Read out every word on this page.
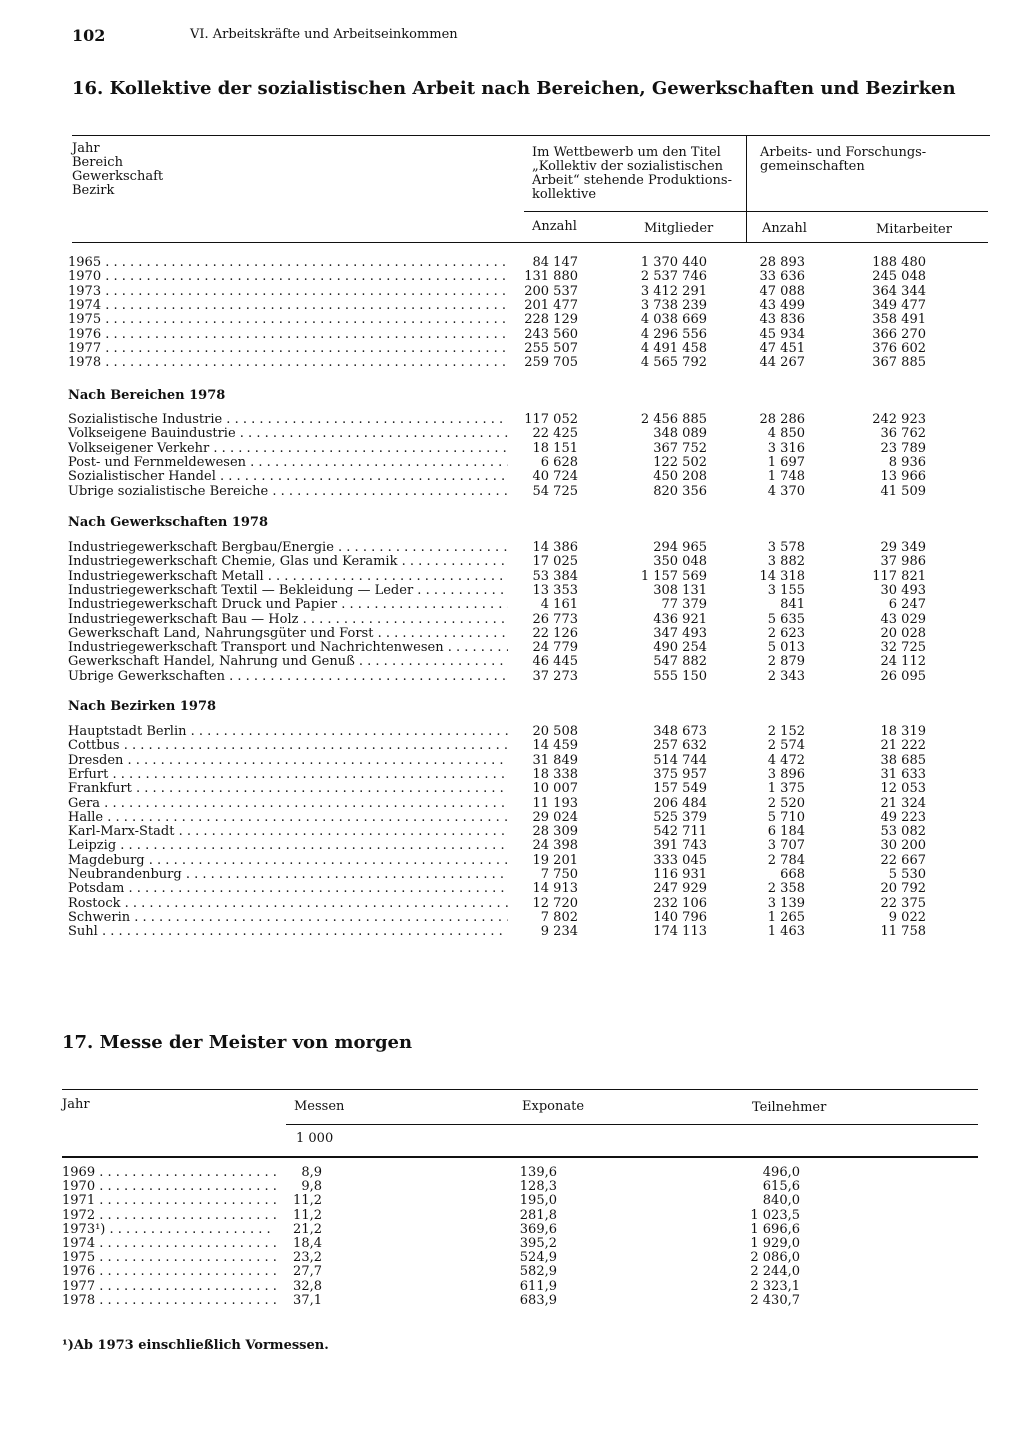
102	VI. Arbeitskräfte und Arbeitseinkommen
16. Kollektive der sozialistischen Arbeit nach Bereichen, Gewerkschaften und Bezirken
Jahr
Bereich
Gewerkschaft
Bezirk
Im Wettbewerb um den Titel
„Kollektiv der sozialistischen
Arbeit“ stehende Produktions-
kollektive
Arbeits- und Forschungs-
gemeinschaften
Anzahl	Mitglieder	Anzahl	Mitarbeiter
1965 . . .	84 147	1 370 440	28 893	188 480
1970 . . .	131 880	2 537 746	33 636	245 048
1973 . . .	200 537	3 412 291	47 088	364 344
1974 . . .	201 477	3 738 239	43 499	349 477
1975 . . .	228 129	4 038 669	43 836	358 491
1976 . . .	243 560	4 296 556	45 934	366 270
1977 . . .	255 507	4 491 458	47 451	376 602
1978 . . .	259 705	4 565 792	44 267	367 885
Nach Bereichen 1978
Sozialistische Industrie . . .	117 052	2 456 885	28 286	242 923
Volkseigene Bauindustrie . . .	22 425	348 089	4 850	36 762
Volkseigener Verkehr . . .	18 151	367 752	3 316	23 789
Post- und Fernmeldewesen . . .	6 628	122 502	1 697	8 936
Sozialistischer Handel . . .	40 724	450 208	1 748	13 966
Übrige sozialistische Bereiche . . .	54 725	820 356	4 370	41 509
Nach Gewerkschaften 1978
Industriegewerkschaft Bergbau/Energie . . .	14 386	294 965	3 578	29 349
Industriegewerkschaft Chemie, Glas und Keramik . . .	17 025	350 048	3 882	37 986
Industriegewerkschaft Metall . . .	53 384	1 157 569	14 318	117 821
Industriegewerkschaft Textil — Bekleidung — Leder . . .	13 353	308 131	3 155	30 493
Industriegewerkschaft Druck und Papier . . .	4 161	77 379	841	6 247
Industriegewerkschaft Bau — Holz . . .	26 773	436 921	5 635	43 029
Gewerkschaft Land, Nahrungsgüter und Forst . . .	22 126	347 493	2 623	20 028
Industriegewerkschaft Transport und Nachrichtenwesen . . .	24 779	490 254	5 013	32 725
Gewerkschaft Handel, Nahrung und Genuß . . .	46 445	547 882	2 879	24 112
Übrige Gewerkschaften . . .	37 273	555 150	2 343	26 095
Nach Bezirken 1978
Hauptstadt Berlin . . .	20 508	348 673	2 152	18 319
Cottbus . . .	14 459	257 632	2 574	21 222
Dresden . . .	31 849	514 744	4 472	38 685
Erfurt . . .	18 338	375 957	3 896	31 633
Frankfurt . . .	10 007	157 549	1 375	12 053
Gera . . .	11 193	206 484	2 520	21 324
Halle . . .	29 024	525 379	5 710	49 223
Karl-Marx-Stadt . . .	28 309	542 711	6 184	53 082
Leipzig . . .	24 398	391 743	3 707	30 200
Magdeburg . . .	19 201	333 045	2 784	22 667
Neubrandenburg . . .	7 750	116 931	668	5 530
Potsdam . . .	14 913	247 929	2 358	20 792
Rostock . . .	12 720	232 106	3 139	22 375
Schwerin . . .	7 802	140 796	1 265	9 022
Suhl . . .	9 234	174 113	1 463	11 758
17. Messe der Meister von morgen
Jahr	Messen	Exponate	Teilnehmer
1 000
1969 . . .	8,9	139,6	496,0
1970 . . .	9,8	128,3	615,6
1971 . . .	11,2	195,0	840,0
1972 . . .	11,2	281,8	1 023,5
1973¹) . . .	21,2	369,6	1 696,6
1974 . . .	18,4	395,2	1 929,0
1975 . . .	23,2	524,9	2 086,0
1976 . . .	27,7	582,9	2 244,0
1977 . . .	32,8	611,9	2 323,1
1978 . . .	37,1	683,9	2 430,7
¹)Ab 1973 einschließlich Vormessen.
